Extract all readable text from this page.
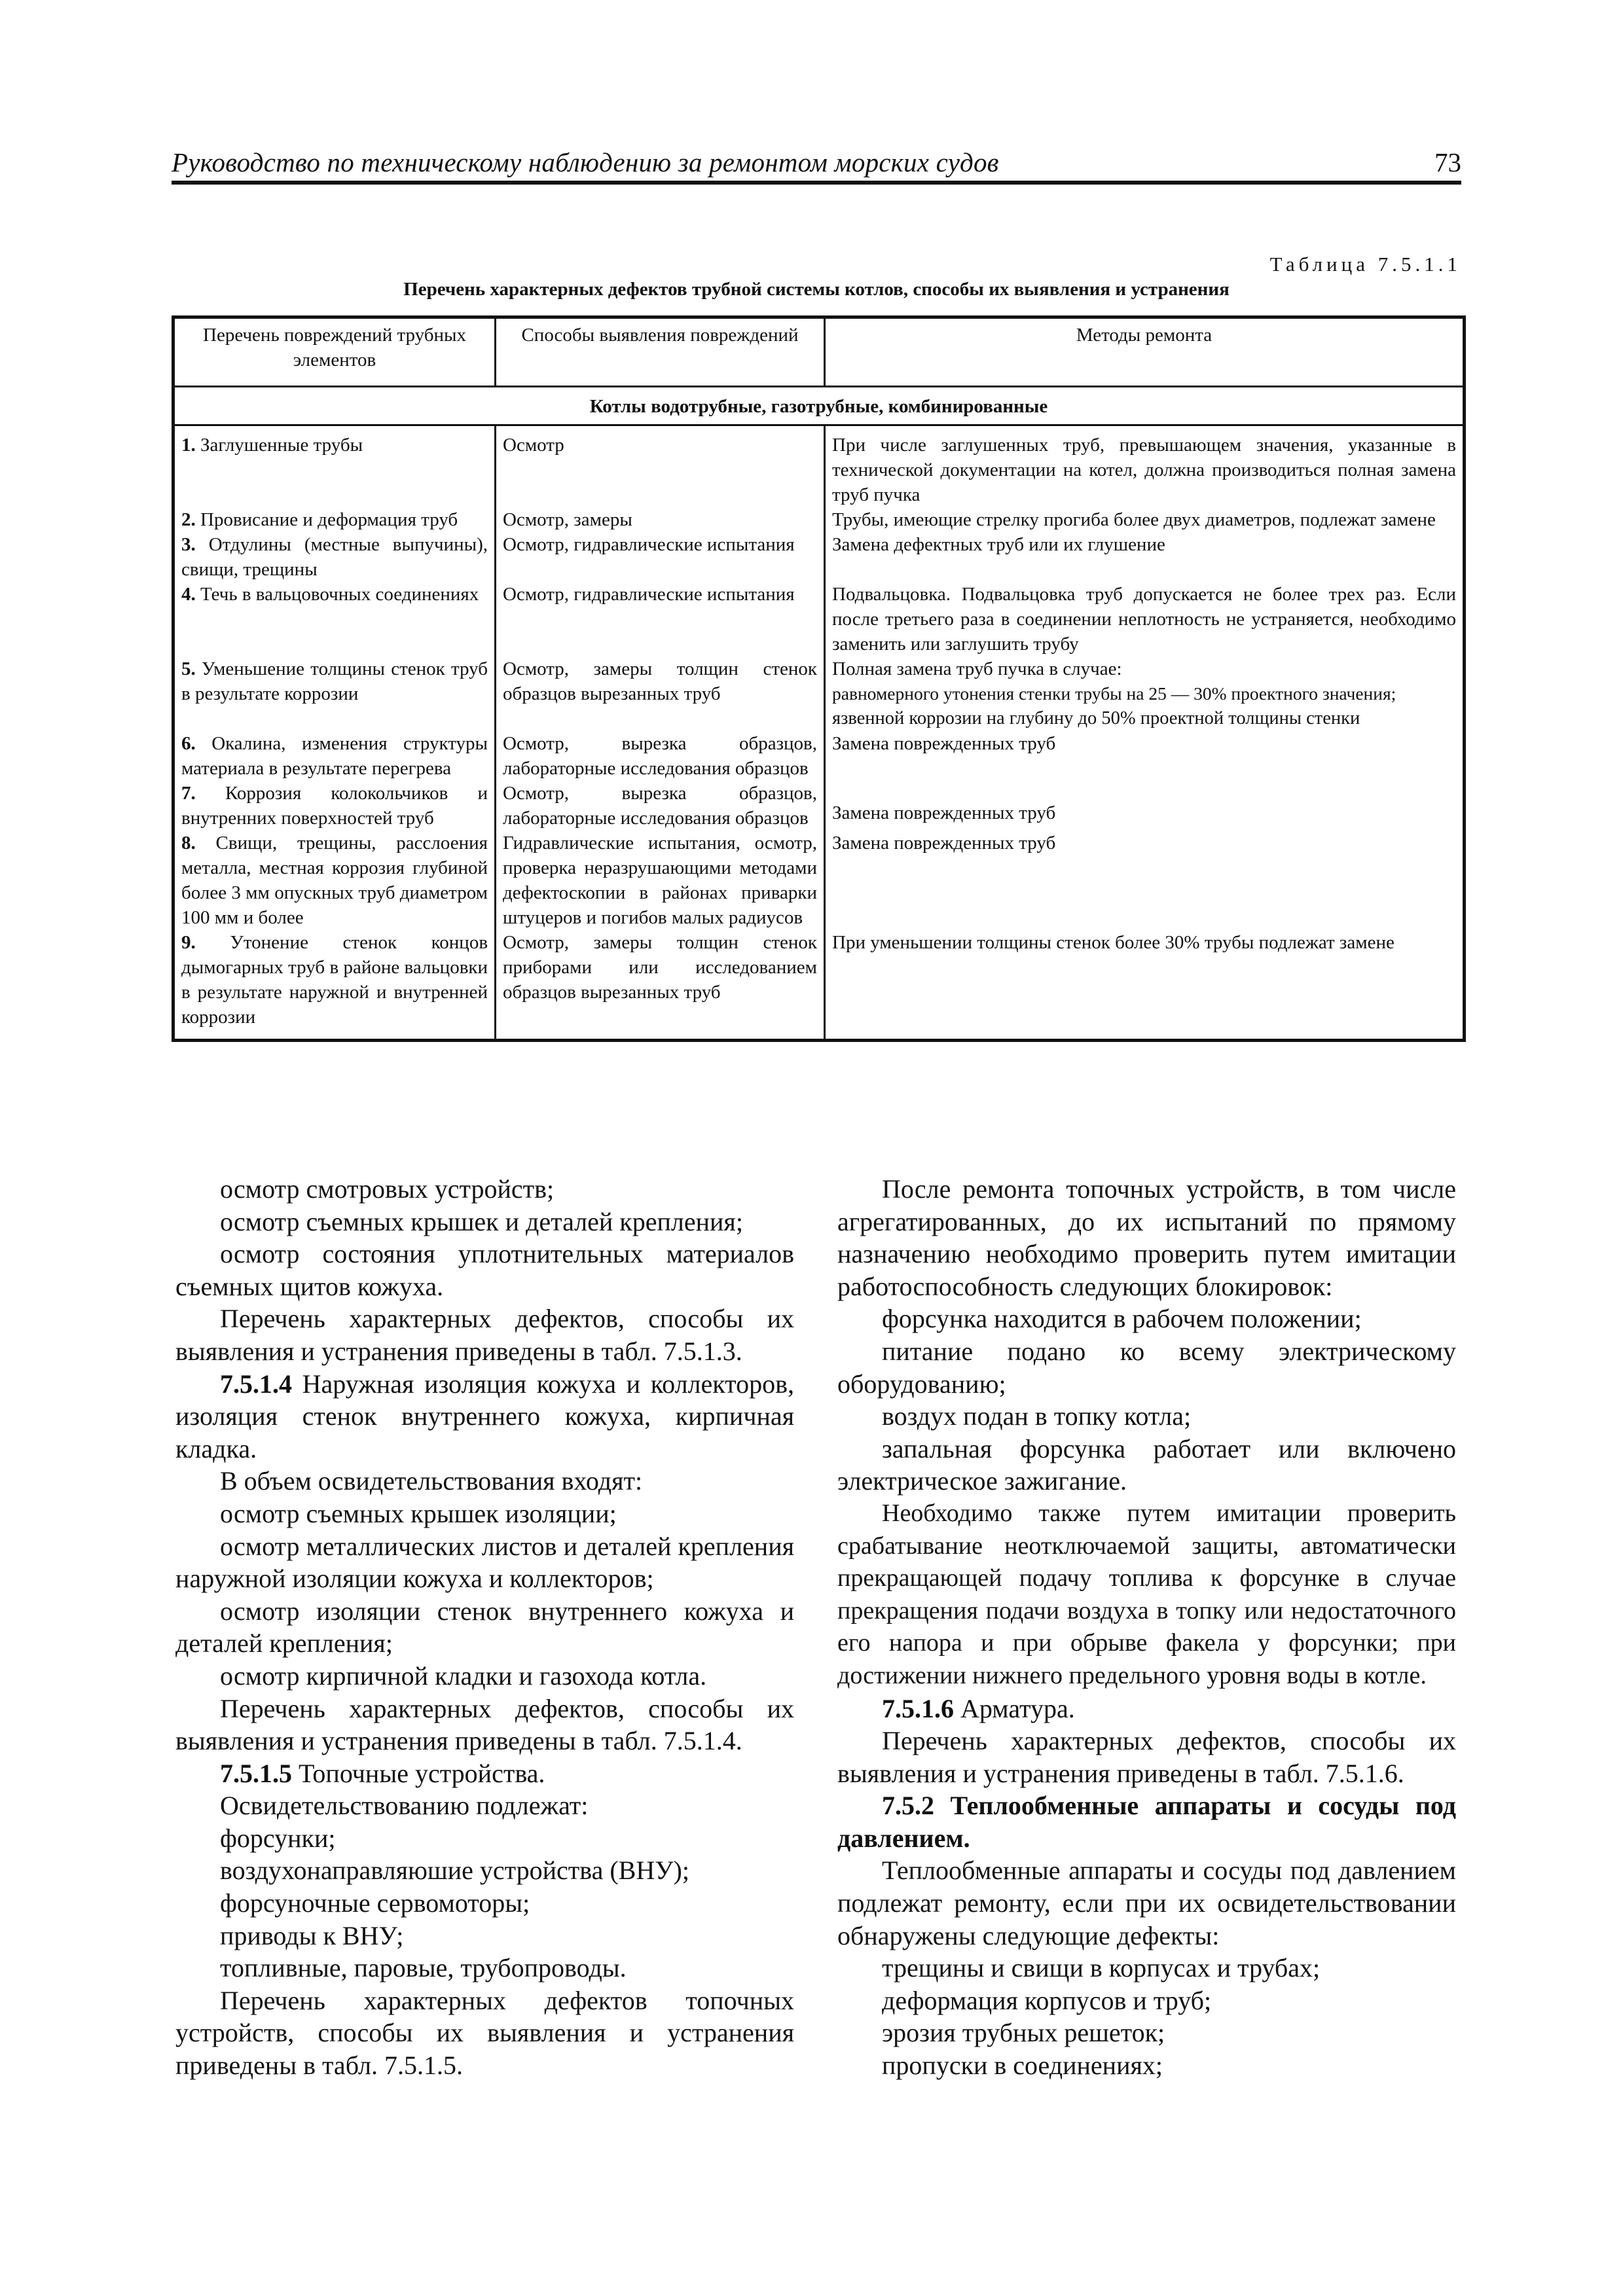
Руководство по техническому наблюдению за ремонтом морских судов	73
Таблица 7.5.1.1
Перечень характерных дефектов трубной системы котлов, способы их выявления и устранения
Перечень повреждений трубных элементов	Способы выявления повреждений	Методы ремонта
Котлы водотрубные, газотрубные, комбинированные		
1. Заглушенные трубы	Осмотр	При числе заглушенных труб, превышающем значения, указанные в технической документации на котел, должна производиться полная замена труб пучка
2. Провисание и деформация труб	Осмотр, замеры	Трубы, имеющие стрелку прогиба более двух диаметров, подлежат замене
3. Отдулины (местные выпучины), свищи, трещины	Осмотр, гидравлические испытания	Замена дефектных труб или их глушение
4. Течь в вальцовочных соединениях	Осмотр, гидравлические испытания	Подвальцовка. Подвальцовка труб допускается не более трех раз. Если после третьего раза в соединении неплотность не устраняется, необходимо заменить или заглушить трубу
5. Уменьшение толщины стенок труб в результате коррозии	Осмотр, замеры толщин стенок образцов вырезанных труб	Полная замена труб пучка в случае:
равномерного утонения стенки трубы на 25 — 30% проектного значения;
язвенной коррозии на глубину до 50% проектной толщины стенки

6. Окалина, изменения структуры материала в результате перегрева	Осмотр, вырезка образцов, лабораторные исследования образцов	Замена поврежденных труб
7. Коррозия колокольчиков и внутренних поверхностей труб	Осмотр, вырезка образцов, лабораторные исследования образцов	Замена поврежденных труб
8. Свищи, трещины, расслоения металла, местная коррозия глубиной более 3 мм опускных труб диаметром 100 мм и более	Гидравлические испытания, осмотр, проверка неразрушающими методами дефектоскопии в районах приварки штуцеров и погибов малых радиусов	Замена поврежденных труб
9. Утонение стенок концов дымогарных труб в районе вальцовки в результате наружной и внутренней коррозии	Осмотр, замеры толщин стенок приборами или исследованием образцов вырезанных труб	При уменьшении толщины стенок более 30% трубы подлежат замене

осмотр смотровых устройств;

осмотр съемных крышек и деталей крепления;

осмотр состояния уплотнительных материалов съемных щитов кожуха.

Перечень характерных дефектов, способы их выявления и устранения приведены в табл. 7.5.1.3.

7.5.1.4 Наружная изоляция кожуха и коллекторов, изоляция стенок внутреннего кожуха, кирпичная кладка.

В объем освидетельствования входят:

осмотр съемных крышек изоляции;

осмотр металлических листов и деталей крепления наружной изоляции кожуха и коллекторов;

осмотр изоляции стенок внутреннего кожуха и деталей крепления;

осмотр кирпичной кладки и газохода котла.

Перечень характерных дефектов, способы их выявления и устранения приведены в табл. 7.5.1.4.

7.5.1.5 Топочные устройства.

Освидетельствованию подлежат:

форсунки;

воздухонаправляюшие устройства (ВНУ);

форсуночные сервомоторы;

приводы к ВНУ;

топливные, паровые, трубопроводы.

Перечень характерных дефектов топочных устройств, способы их выявления и устранения приведены в табл. 7.5.1.5.

После ремонта топочных устройств, в том числе агрегатированных, до их испытаний по прямому назначению необходимо проверить путем имитации работоспособность следующих блокировок:

форсунка находится в рабочем положении;

питание подано ко всему электрическому оборудованию;

воздух подан в топку котла;

запальная форсунка работает или включено электрическое зажигание.

Необходимо также путем имитации проверить срабатывание неотключаемой защиты, автоматически прекращающей подачу топлива к форсунке в случае прекращения подачи воздуха в топку или недостаточного его напора и при обрыве факела у форсунки; при достижении нижнего предельного уровня воды в котле.

7.5.1.6 Арматура.

Перечень характерных дефектов, способы их выявления и устранения приведены в табл. 7.5.1.6.

7.5.2 Теплообменные аппараты и сосуды под давлением.

Теплообменные аппараты и сосуды под давлением подлежат ремонту, если при их освидетельствовании обнаружены следующие дефекты:

трещины и свищи в корпусах и трубах;

деформация корпусов и труб;

эрозия трубных решеток;

пропуски в соединениях;
